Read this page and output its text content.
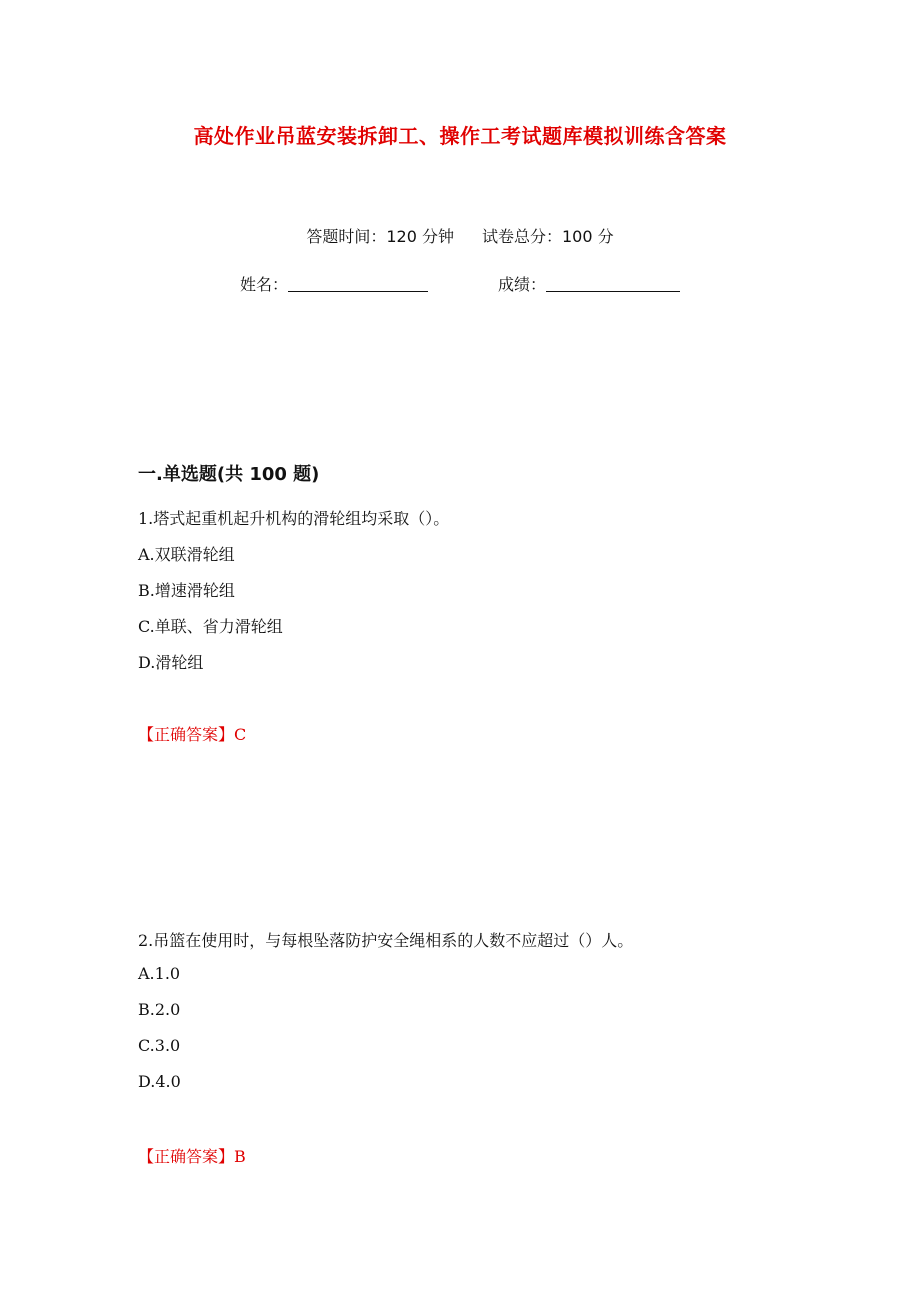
高处作业吊蓝安装拆卸工、操作工考试题库模拟训练含答案
答题时间：120 分钟 试卷总分：100 分
姓名：	成绩：
一.单选题(共 100 题)
1.塔式起重机起升机构的滑轮组均采取（）。
A.双联滑轮组
B.增速滑轮组
C.单联、省力滑轮组
D.滑轮组
【正确答案】C
2.吊篮在使用时，与每根坠落防护安全绳相系的人数不应超过（）人。
A.1.0
B.2.0
C.3.0
D.4.0
【正确答案】B
